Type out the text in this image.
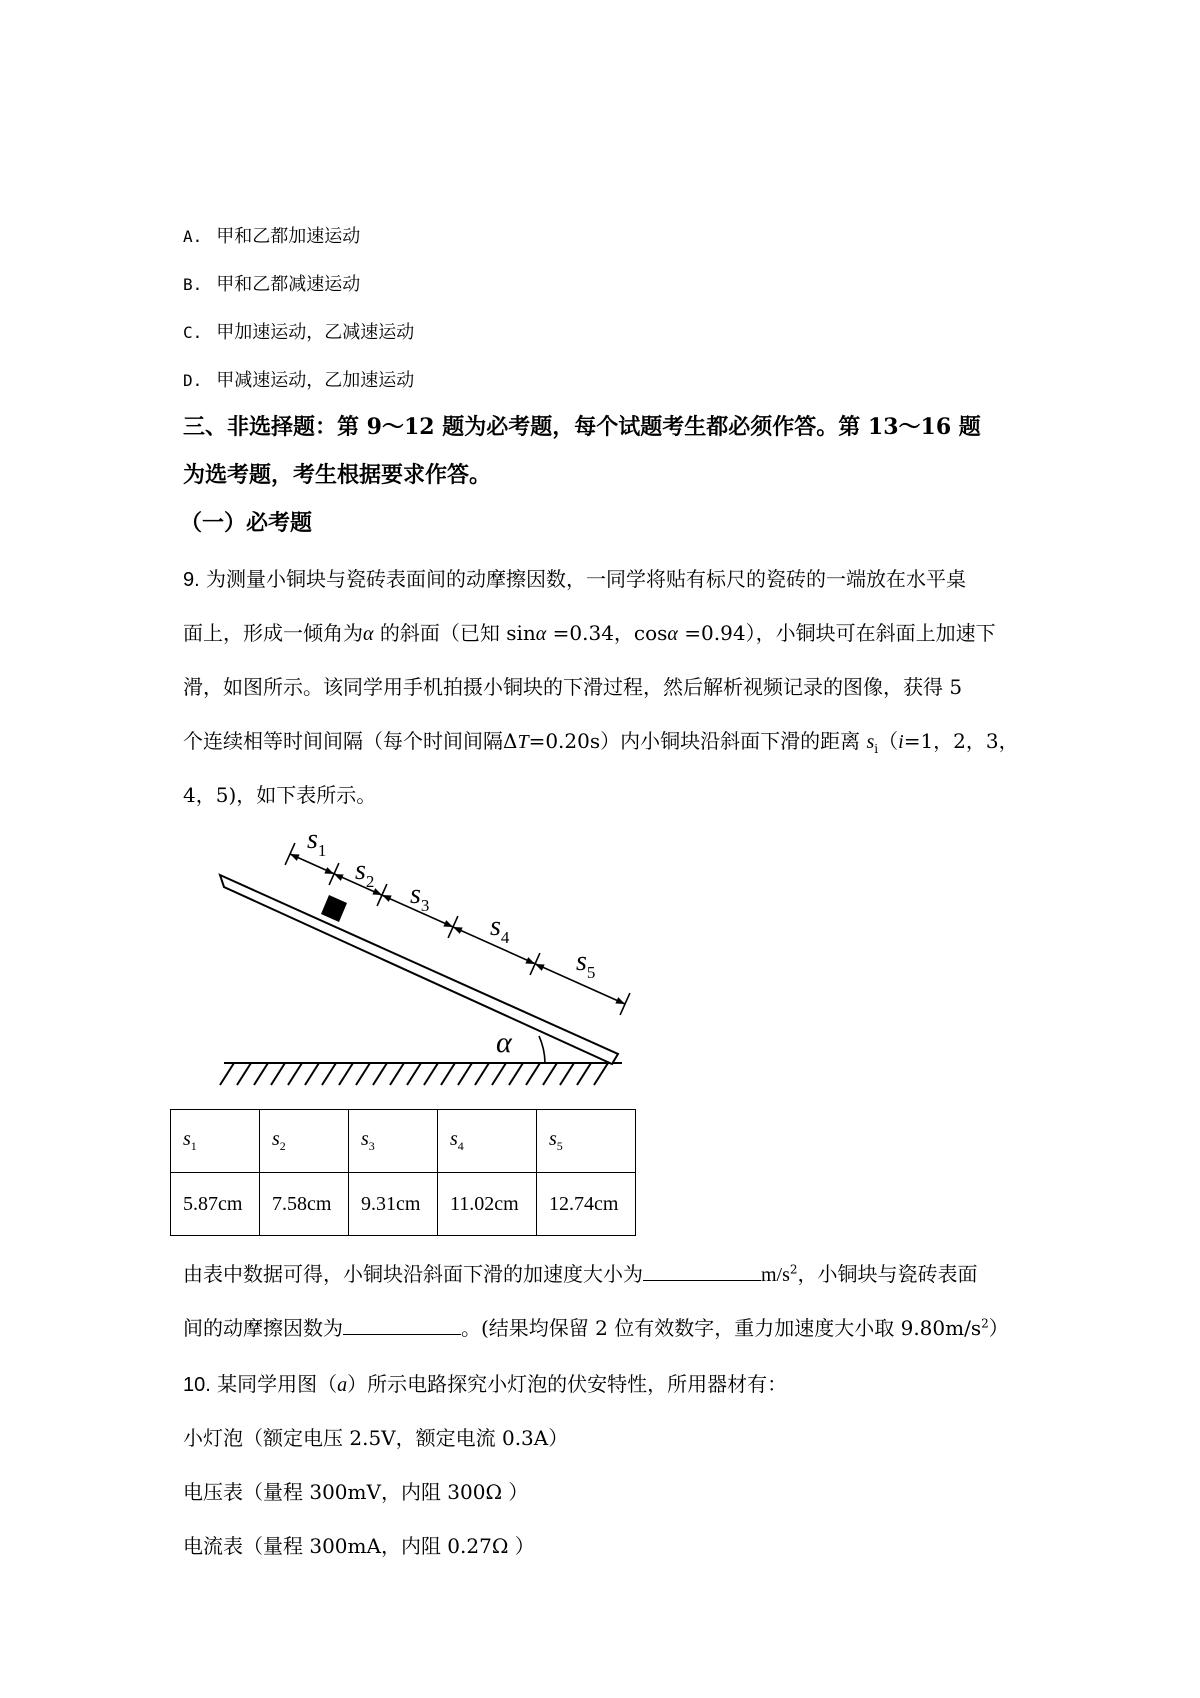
A. 甲和乙都加速运动
B. 甲和乙都减速运动
C. 甲加速运动，乙减速运动
D. 甲减速运动，乙加速运动
三、非选择题：第 9～12 题为必考题，每个试题考生都必须作答。第 13～16 题
为选考题，考生根据要求作答。
（一）必考题
9. 为测量小铜块与瓷砖表面间的动摩擦因数，一同学将贴有标尺的瓷砖的一端放在水平桌
面上，形成一倾角为α 的斜面（已知 sinα =0.34，cosα =0.94），小铜块可在斜面上加速下
滑，如图所示。该同学用手机拍摄小铜块的下滑过程，然后解析视频记录的图像，获得 5
个连续相等时间间隔（每个时间间隔ΔT=0.20s）内小铜块沿斜面下滑的距离 $s_i(i=1$，2，3，
4，5)，如下表所示。
$s_1$
$s_2$ $s_3$
$s_4$
$s_5$
α
$s_1$	$s_2$	$s_3$	$s_4$	$s_5$
5.87cm	7.58cm	9.31cm	11.02cm	12.74cm
由表中数据可得，小铜块沿斜面下滑的加速度大小为	$m/s^2$，小铜块与瓷砖表面
间的动摩擦因数为	。(结果均保留 2 位有效数字，重力加速度大小取 $9.80m/s^2$）
10. 某同学用图（a）所示电路探究小灯泡的伏安特性，所用器材有：
小灯泡（额定电压 2.5V，额定电流 0.3A）
电压表（量程 300mV，内阻 300Ω ）
电流表（量程 300mA，内阻 0.27Ω ）
